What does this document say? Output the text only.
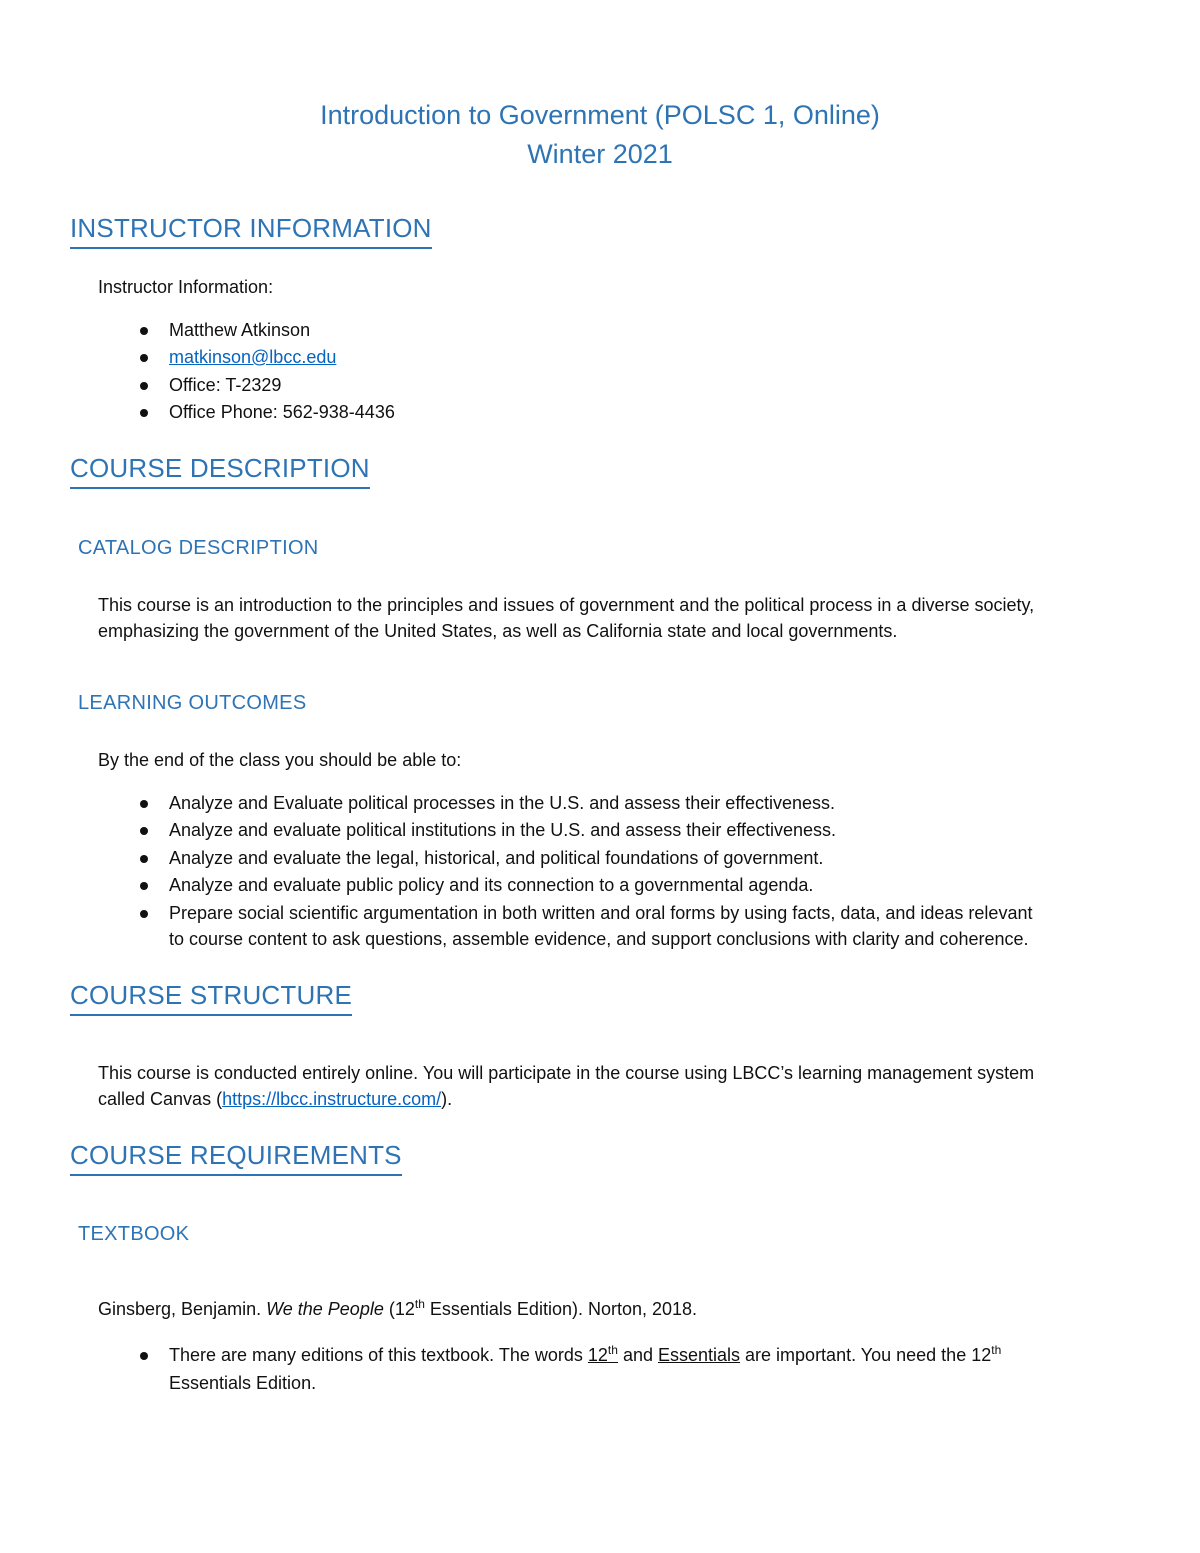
Introduction to Government (POLSC 1, Online)
Winter 2021
INSTRUCTOR INFORMATION
Instructor Information:
Matthew Atkinson
matkinson@lbcc.edu
Office: T-2329
Office Phone: 562-938-4436
COURSE DESCRIPTION
CATALOG DESCRIPTION
This course is an introduction to the principles and issues of government and the political process in a diverse society,
emphasizing the government of the United States, as well as California state and local governments.
LEARNING OUTCOMES
By the end of the class you should be able to:
Analyze and Evaluate political processes in the U.S. and assess their effectiveness.
Analyze and evaluate political institutions in the U.S. and assess their effectiveness.
Analyze and evaluate the legal, historical, and political foundations of government.
Analyze and evaluate public policy and its connection to a governmental agenda.
Prepare social scientific argumentation in both written and oral forms by using facts, data, and ideas relevant
to course content to ask questions, assemble evidence, and support conclusions with clarity and coherence.
COURSE STRUCTURE
This course is conducted entirely online. You will participate in the course using LBCC’s learning management system
called Canvas (https://lbcc.instructure.com/).
COURSE REQUIREMENTS
TEXTBOOK
Ginsberg, Benjamin. We the People (12th Essentials Edition). Norton, 2018.
There are many editions of this textbook. The words 12th and Essentials are important. You need the 12th
Essentials Edition.
